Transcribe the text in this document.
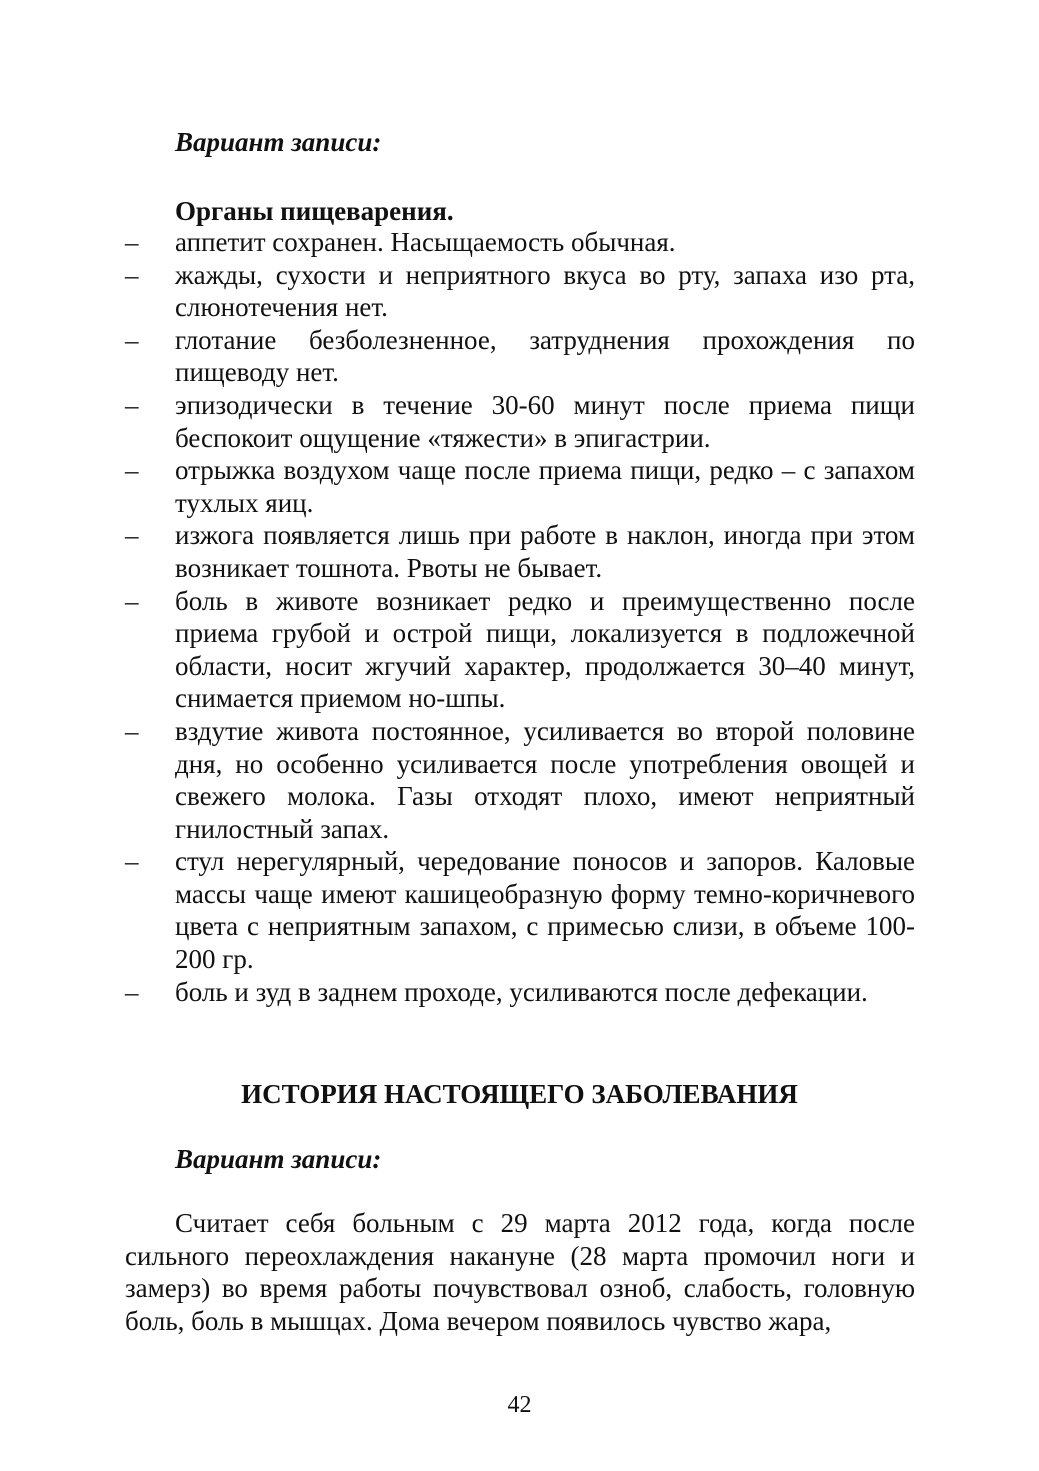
Вариант записи:
Органы пищеварения.
– аппетит сохранен. Насыщаемость обычная.
– жажды, сухости и неприятного вкуса во рту, запаха изо рта, слюнотечения нет.
– глотание безболезненное, затруднения прохождения по пищеводу нет.
– эпизодически в течение 30-60 минут после приема пищи беспокоит ощущение «тяжести» в эпигастрии.
– отрыжка воздухом чаще после приема пищи, редко – с запахом тухлых яиц.
– изжога появляется лишь при работе в наклон, иногда при этом возникает тошнота. Рвоты не бывает.
– боль в животе возникает редко и преимущественно после приема грубой и острой пищи, локализуется в подложечной области, носит жгучий характер, продолжается 30–40 минут, снимается приемом но-шпы.
– вздутие живота постоянное, усиливается во второй половине дня, но особенно усиливается после употребления овощей и свежего молока. Газы отходят плохо, имеют неприятный гнилостный запах.
– стул нерегулярный, чередование поносов и запоров. Каловые массы чаще имеют кашицеобразную форму темно-коричневого цвета с неприятным запахом, с примесью слизи, в объеме 100-200 гр.
– боль и зуд в заднем проходе, усиливаются после дефекации.
ИСТОРИЯ НАСТОЯЩЕГО ЗАБОЛЕВАНИЯ
Вариант записи:
Считает себя больным с 29 марта 2012 года, когда после сильного переохлаждения накануне (28 марта промочил ноги и замерз) во время работы почувствовал озноб, слабость, головную боль, боль в мышцах. Дома вечером появилось чувство жара,
42
